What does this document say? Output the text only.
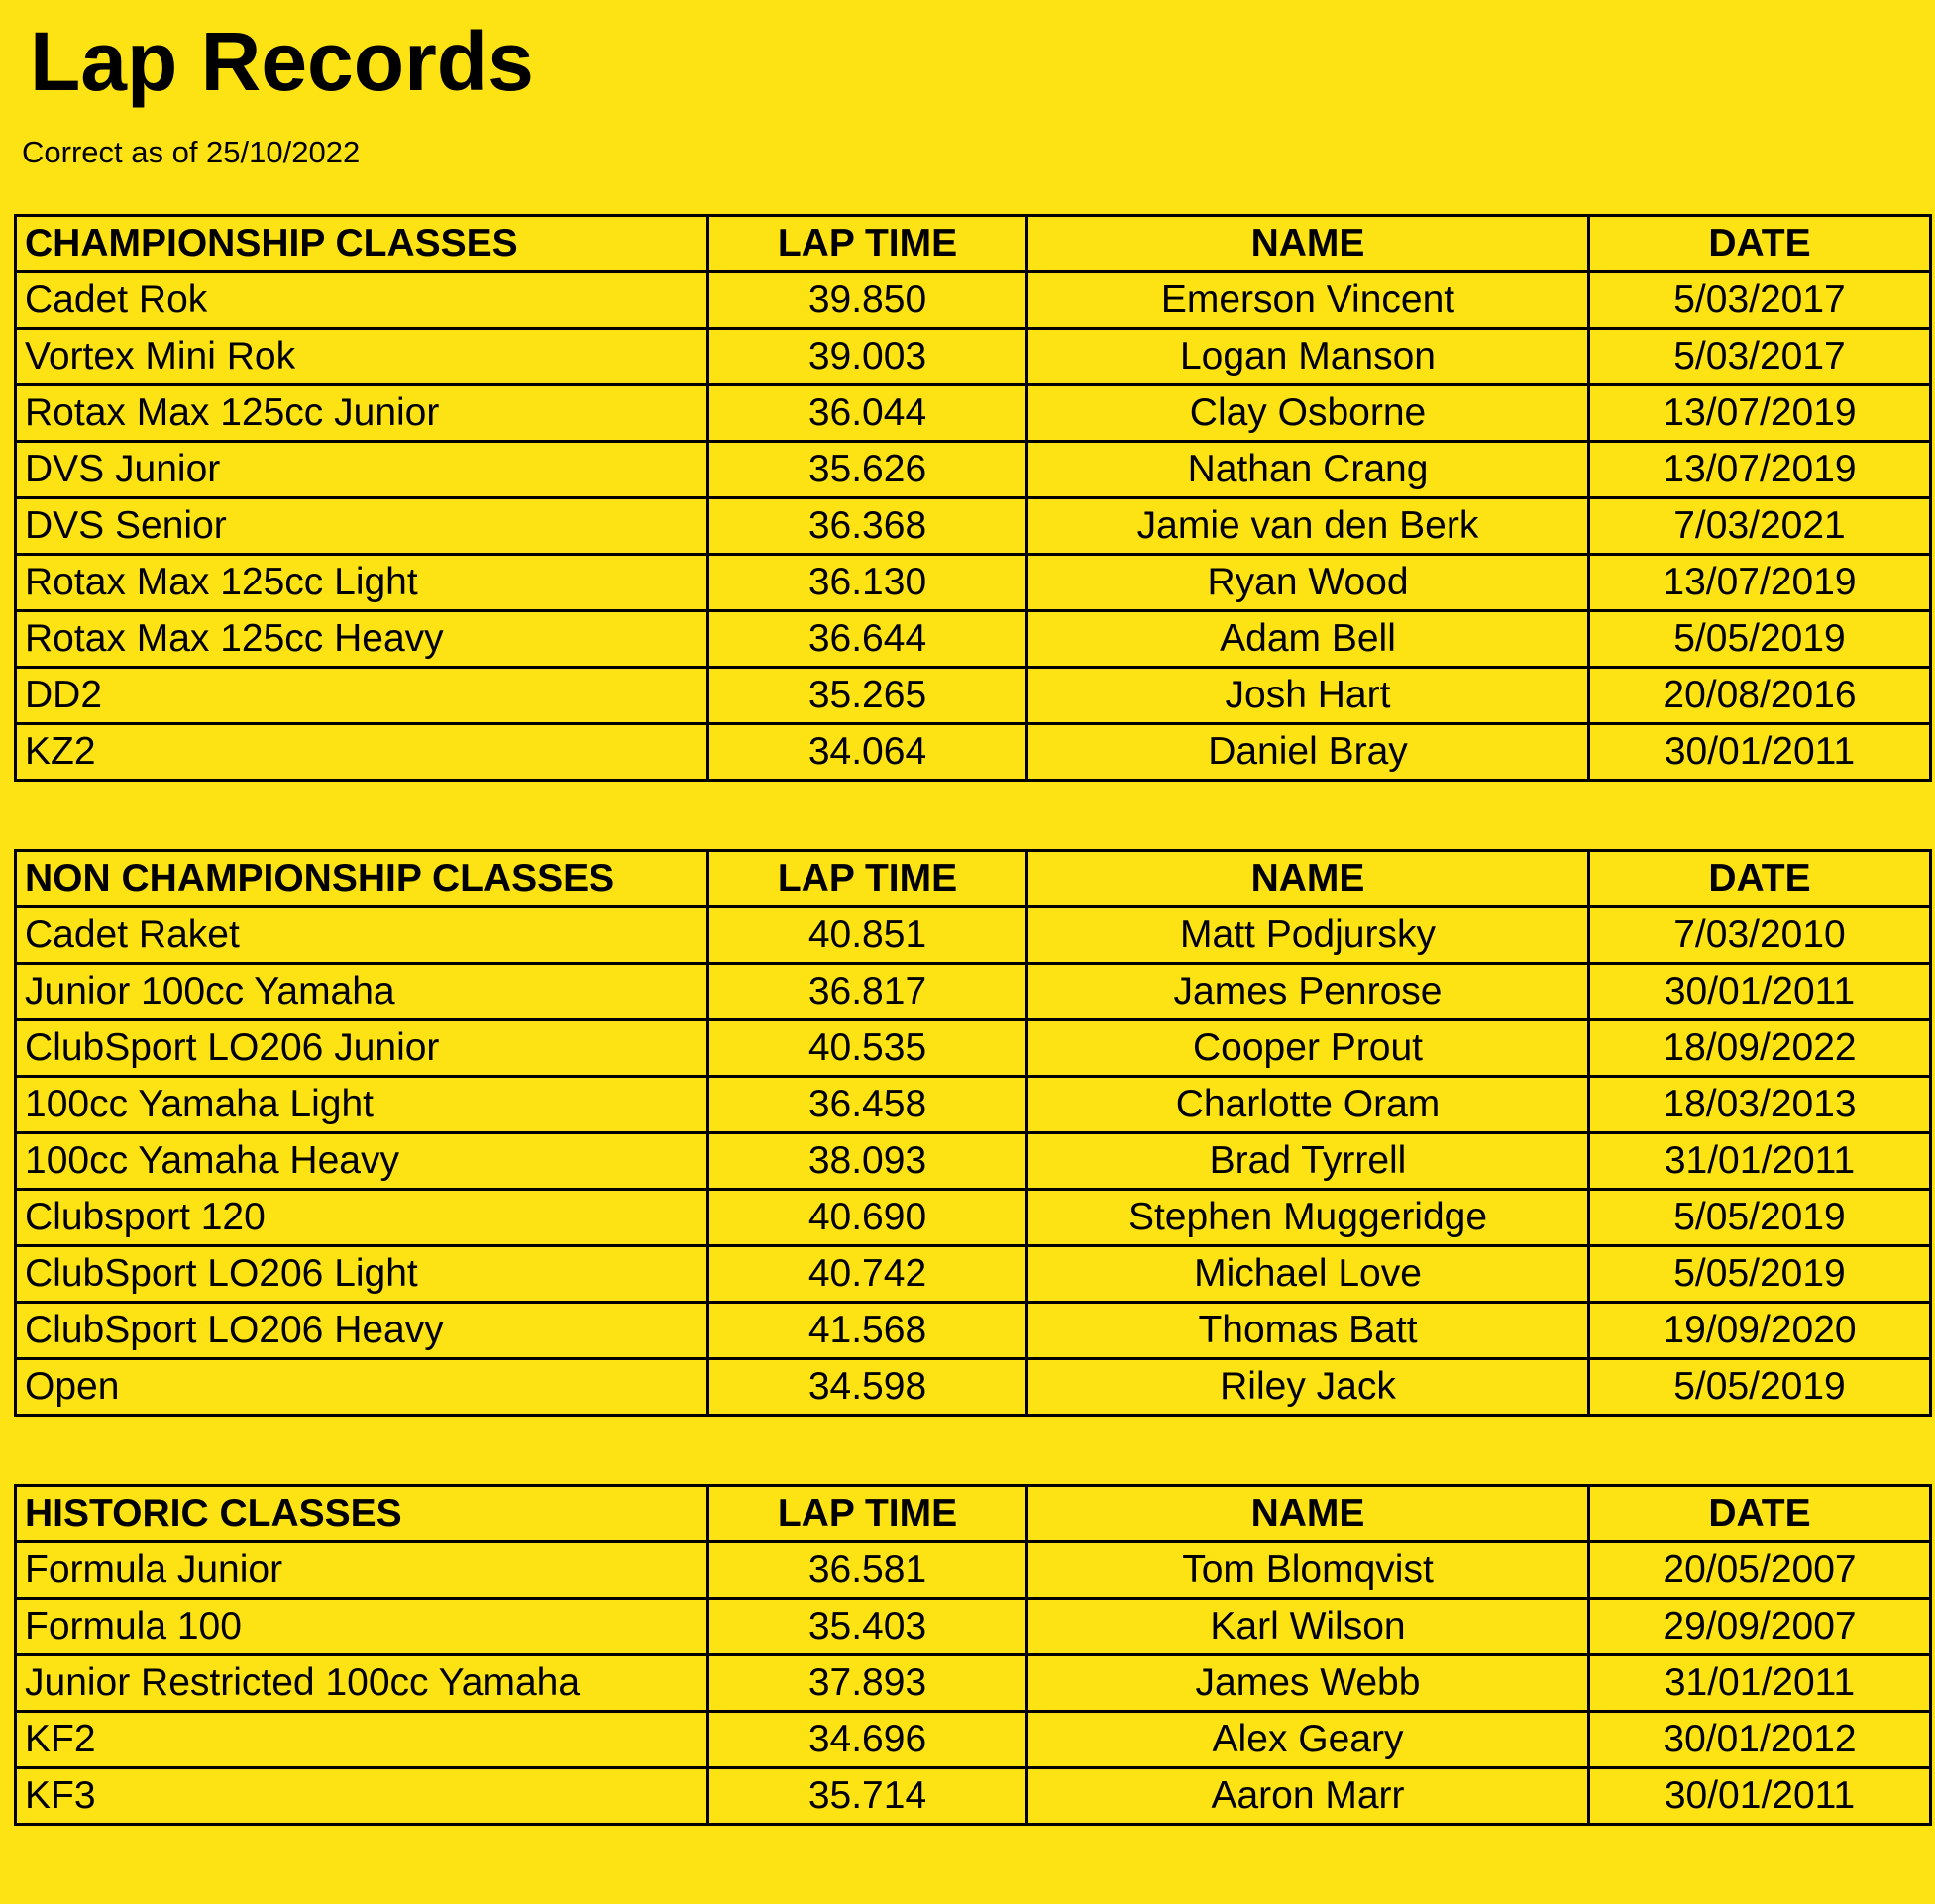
Lap Records
Correct as of 25/10/2022
CHAMPIONSHIP CLASSES	LAP TIME	NAME	DATE
Cadet Rok	39.850	Emerson Vincent	5/03/2017
Vortex Mini Rok	39.003	Logan Manson	5/03/2017
Rotax Max 125cc Junior	36.044	Clay Osborne	13/07/2019
DVS Junior	35.626	Nathan Crang	13/07/2019
DVS Senior	36.368	Jamie van den Berk	7/03/2021
Rotax Max 125cc Light	36.130	Ryan Wood	13/07/2019
Rotax Max 125cc Heavy	36.644	Adam Bell	5/05/2019
DD2	35.265	Josh Hart	20/08/2016
KZ2	34.064	Daniel Bray	30/01/2011
NON CHAMPIONSHIP CLASSES	LAP TIME	NAME	DATE
Cadet Raket	40.851	Matt Podjursky	7/03/2010
Junior 100cc Yamaha	36.817	James Penrose	30/01/2011
ClubSport LO206 Junior	40.535	Cooper Prout	18/09/2022
100cc Yamaha Light	36.458	Charlotte Oram	18/03/2013
100cc Yamaha Heavy	38.093	Brad Tyrrell	31/01/2011
Clubsport 120	40.690	Stephen Muggeridge	5/05/2019
ClubSport LO206 Light	40.742	Michael Love	5/05/2019
ClubSport LO206 Heavy	41.568	Thomas Batt	19/09/2020
Open	34.598	Riley Jack	5/05/2019
HISTORIC CLASSES	LAP TIME	NAME	DATE
Formula Junior	36.581	Tom Blomqvist	20/05/2007
Formula 100	35.403	Karl Wilson	29/09/2007
Junior Restricted 100cc Yamaha	37.893	James Webb	31/01/2011
KF2	34.696	Alex Geary	30/01/2012
KF3	35.714	Aaron Marr	30/01/2011
